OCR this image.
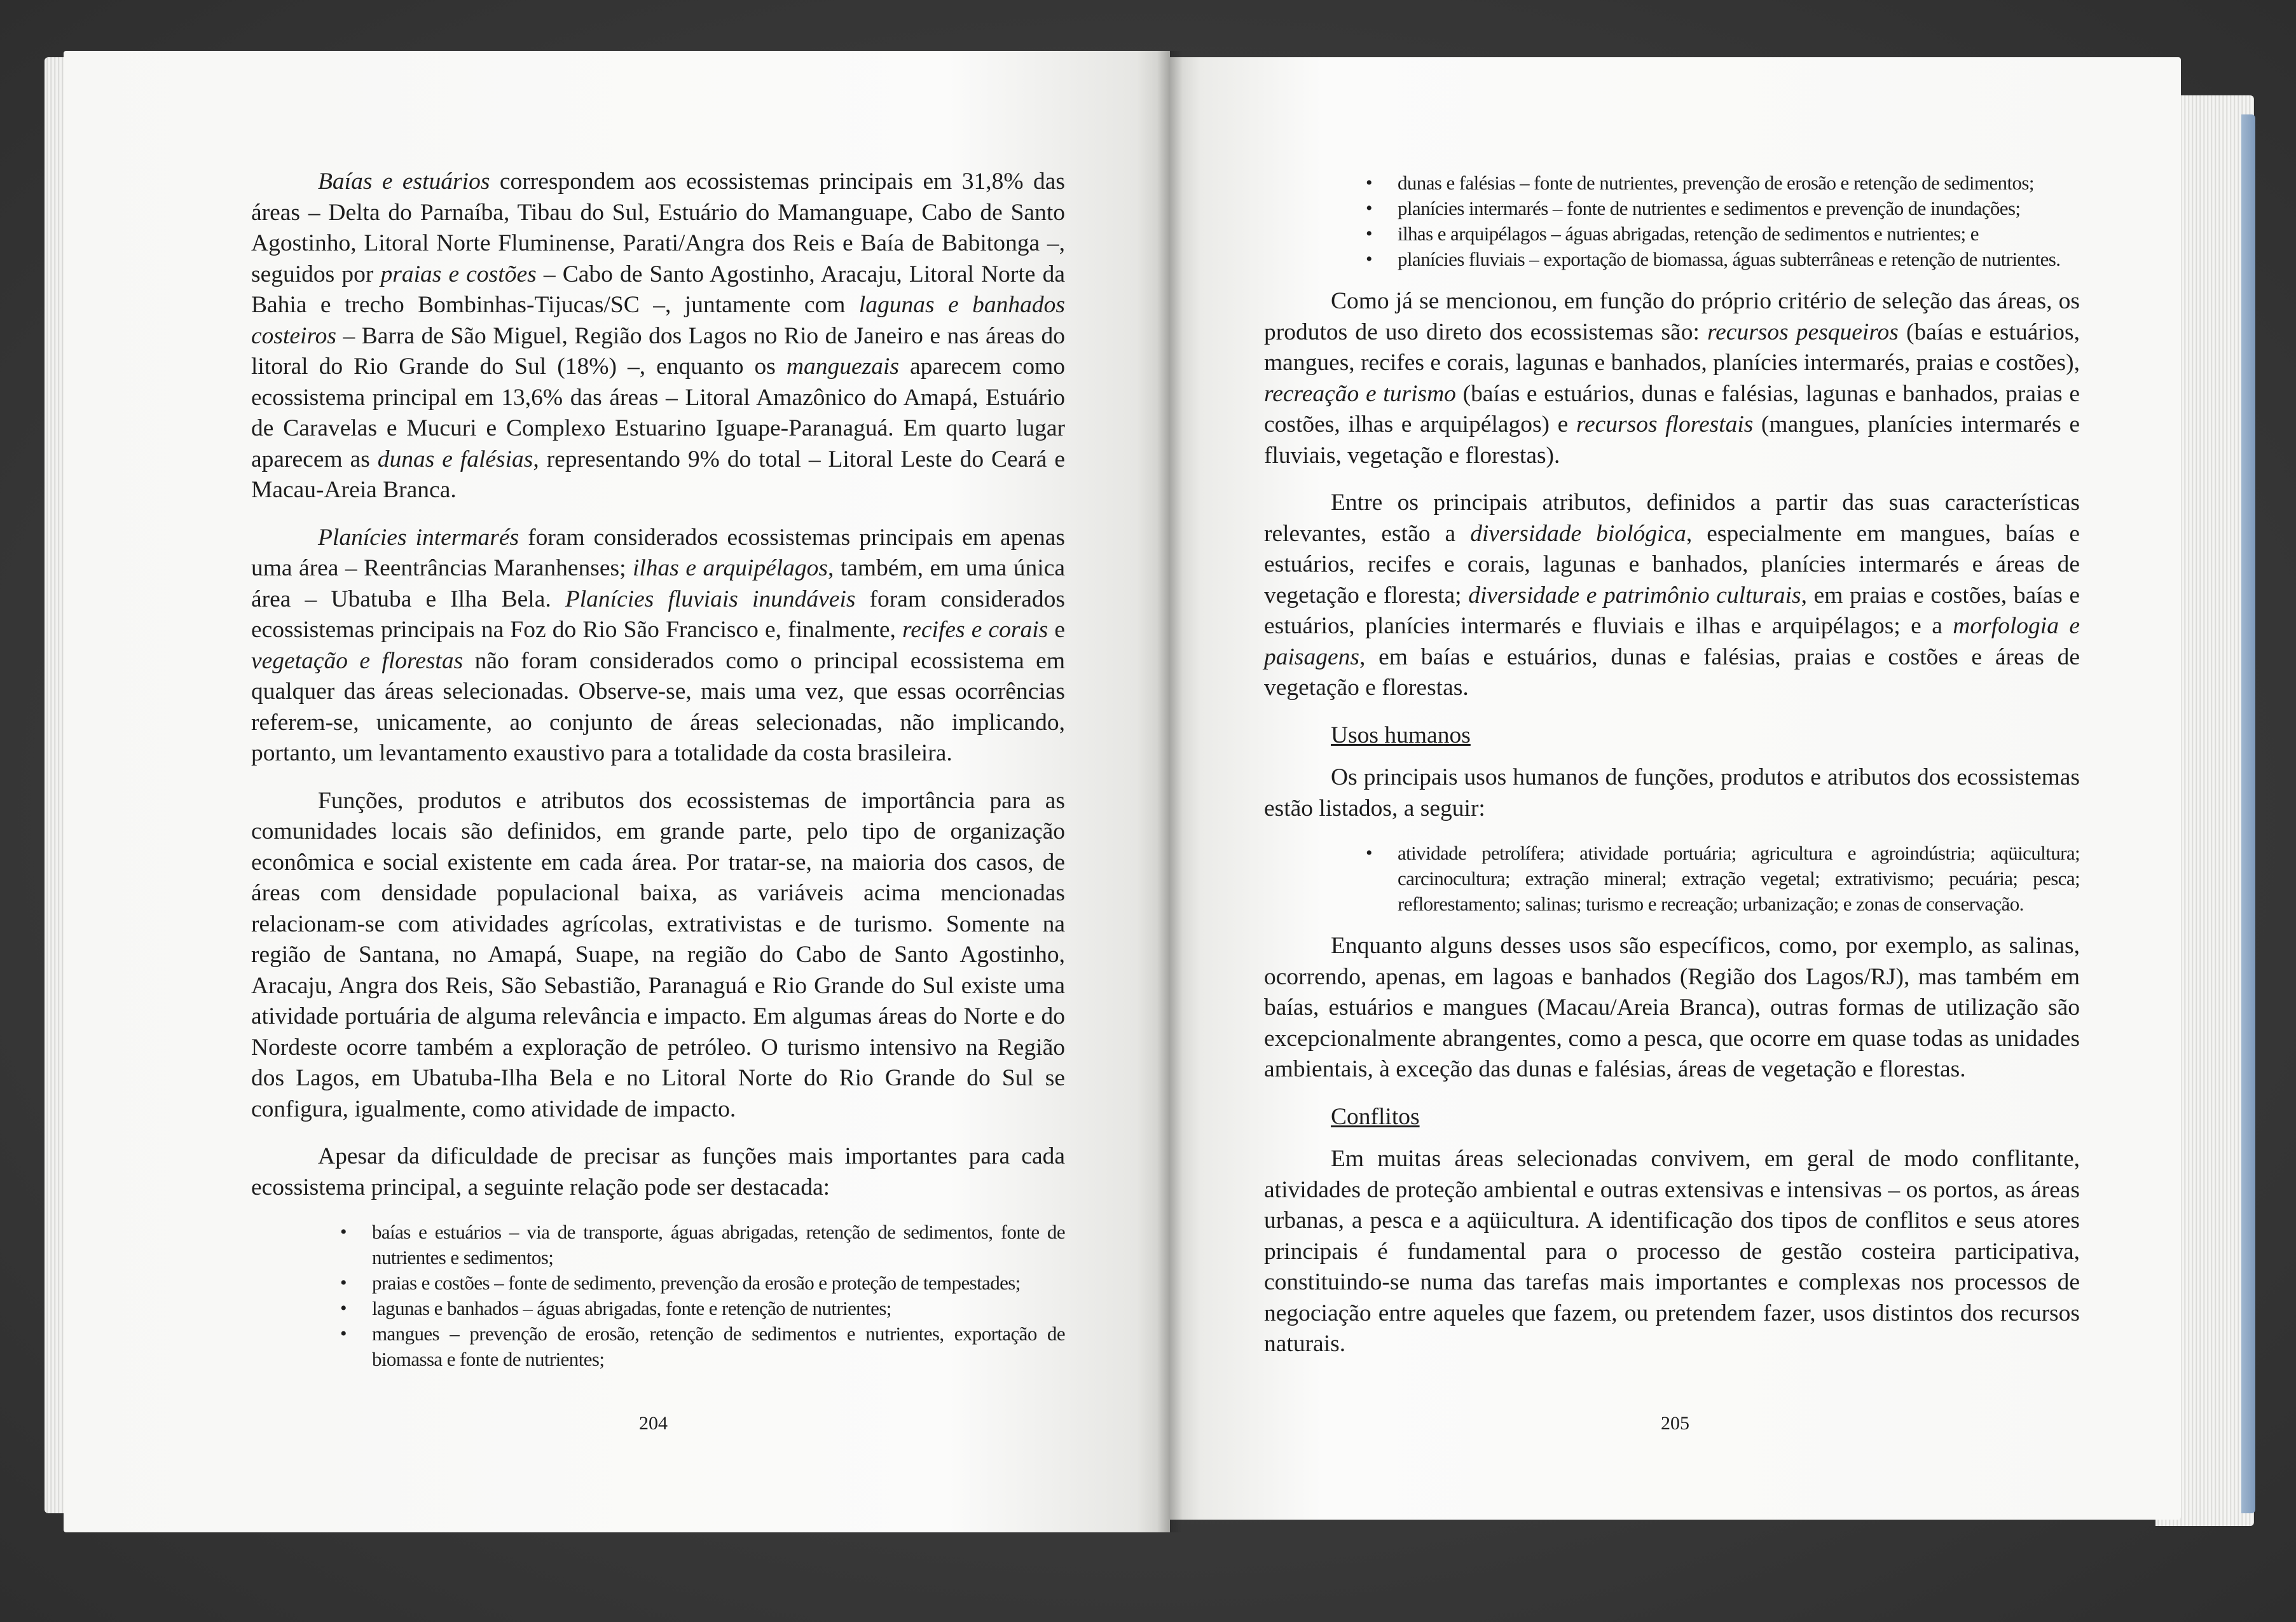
Baías e estuários correspondem aos ecossistemas principais em 31,8% das áreas – Delta do Parnaíba, Tibau do Sul, Estuário do Mamanguape, Cabo de Santo Agostinho, Litoral Norte Fluminense, Parati/Angra dos Reis e Baía de Babitonga –, seguidos por praias e costões – Cabo de Santo Agostinho, Aracaju, Litoral Norte da Bahia e trecho Bombinhas-Tijucas/SC –, juntamente com lagunas e banhados costeiros – Barra de São Miguel, Região dos Lagos no Rio de Janeiro e nas áreas do litoral do Rio Grande do Sul (18%) –, enquanto os manguezais aparecem como ecossistema principal em 13,6% das áreas – Litoral Amazônico do Amapá, Estuário de Caravelas e Mucuri e Complexo Estuarino Iguape-Paranaguá. Em quarto lugar aparecem as dunas e falésias, representando 9% do total – Litoral Leste do Ceará e Macau-Areia Branca.

Planícies intermarés foram considerados ecossistemas principais em apenas uma área – Reentrâncias Maranhenses; ilhas e arquipélagos, também, em uma única área – Ubatuba e Ilha Bela. Planícies fluviais inundáveis foram considerados ecossistemas principais na Foz do Rio São Francisco e, finalmente, recifes e corais e vegetação e florestas não foram considerados como o principal ecossistema em qualquer das áreas selecionadas. Observe-se, mais uma vez, que essas ocorrências referem-se, unicamente, ao conjunto de áreas selecionadas, não implicando, portanto, um levantamento exaustivo para a totalidade da costa brasileira.

Funções, produtos e atributos dos ecossistemas de importância para as comunidades locais são definidos, em grande parte, pelo tipo de organização econômica e social existente em cada área. Por tratar-se, na maioria dos casos, de áreas com densidade populacional baixa, as variáveis acima mencionadas relacionam-se com atividades agrícolas, extrativistas e de turismo. Somente na região de Santana, no Amapá, Suape, na região do Cabo de Santo Agostinho, Aracaju, Angra dos Reis, São Sebastião, Paranaguá e Rio Grande do Sul existe uma atividade portuária de alguma relevância e impacto. Em algumas áreas do Norte e do Nordeste ocorre também a exploração de petróleo. O turismo intensivo na Região dos Lagos, em Ubatuba-Ilha Bela e no Litoral Norte do Rio Grande do Sul se configura, igualmente, como atividade de impacto.

Apesar da dificuldade de precisar as funções mais importantes para cada ecossistema principal, a seguinte relação pode ser destacada:

• baías e estuários – via de transporte, águas abrigadas, retenção de sedimentos, fonte de nutrientes e sedimentos;
• praias e costões – fonte de sedimento, prevenção da erosão e proteção de tempestades;
• lagunas e banhados – águas abrigadas, fonte e retenção de nutrientes;
• mangues – prevenção de erosão, retenção de sedimentos e nutrientes, exportação de biomassa e fonte de nutrientes;
204
• dunas e falésias – fonte de nutrientes, prevenção de erosão e retenção de sedimentos;
• planícies intermarés – fonte de nutrientes e sedimentos e prevenção de inundações;
• ilhas e arquipélagos – águas abrigadas, retenção de sedimentos e nutrientes; e
• planícies fluviais – exportação de biomassa, águas subterrâneas e retenção de nutrientes.

Como já se mencionou, em função do próprio critério de seleção das áreas, os produtos de uso direto dos ecossistemas são: recursos pesqueiros (baías e estuários, mangues, recifes e corais, lagunas e banhados, planícies intermarés, praias e costões), recreação e turismo (baías e estuários, dunas e falésias, lagunas e banhados, praias e costões, ilhas e arquipélagos) e recursos florestais (mangues, planícies intermarés e fluviais, vegetação e florestas).

Entre os principais atributos, definidos a partir das suas características relevantes, estão a diversidade biológica, especialmente em mangues, baías e estuários, recifes e corais, lagunas e banhados, planícies intermarés e áreas de vegetação e floresta; diversidade e patrimônio culturais, em praias e costões, baías e estuários, planícies intermarés e fluviais e ilhas e arquipélagos; e a morfologia e paisagens, em baías e estuários, dunas e falésias, praias e costões e áreas de vegetação e florestas.

Usos humanos

Os principais usos humanos de funções, produtos e atributos dos ecossistemas estão listados, a seguir:

• atividade petrolífera; atividade portuária; agricultura e agroindústria; aqüicultura; carcinocultura; extração mineral; extração vegetal; extrativismo; pecuária; pesca; reflorestamento; salinas; turismo e recreação; urbanização; e zonas de conservação.

Enquanto alguns desses usos são específicos, como, por exemplo, as salinas, ocorrendo, apenas, em lagoas e banhados (Região dos Lagos/RJ), mas também em baías, estuários e mangues (Macau/Areia Branca), outras formas de utilização são excepcionalmente abrangentes, como a pesca, que ocorre em quase todas as unidades ambientais, à exceção das dunas e falésias, áreas de vegetação e florestas.

Conflitos

Em muitas áreas selecionadas convivem, em geral de modo conflitante, atividades de proteção ambiental e outras extensivas e intensivas – os portos, as áreas urbanas, a pesca e a aqüicultura. A identificação dos tipos de conflitos e seus atores principais é fundamental para o processo de gestão costeira participativa, constituindo-se numa das tarefas mais importantes e complexas nos processos de negociação entre aqueles que fazem, ou pretendem fazer, usos distintos dos recursos naturais.

205
